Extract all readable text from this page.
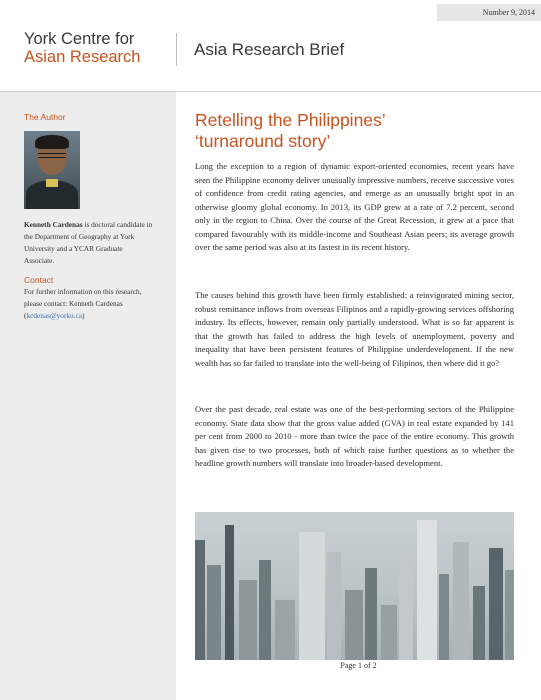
Number 9, 2014
York Centre for
Asian Research	Asia Research Brief
The Author
Kenneth Cardenas is doctoral candidate in the Department of Geography at York University and a YCAR Graduate Associate.
Contact
For further information on this research, please contact: Kenneth Cardenas (kcdenas@yorku.ca)
Retelling the Philippines’
‘turnaround story’
Long the exception to a region of dynamic export-oriented economies, recent years have seen the Philippine economy deliver unusually impressive numbers, receive successive votes of confidence from credit rating agencies, and emerge as an unusually bright spot in an otherwise gloomy global economy. In 2013, its GDP grew at a rate of 7.2 percent, second only in the region to China. Over the course of the Great Recession, it grew at a pace that compared favourably with its middle-income and Southeast Asian peers; its average growth over the same period was also at its fastest in its recent history.
The causes behind this growth have been firmly established: a reinvigorated mining sector, robust remittance inflows from overseas Filipinos and a rapidly-growing services offshoring industry. Its effects, however, remain only partially understood. What is so far apparent is that the growth has failed to address the high levels of unemployment, poverty and inequality that have been persistent features of Philippine underdevelopment. If the new wealth has so far failed to translate into the well-being of Filipinos, then where did it go?
Over the past decade, real estate was one of the best-performing sectors of the Philippine economy. State data show that the gross value added (GVA) in real estate expanded by 141 per cent from 2000 to 2010 - more than twice the pace of the entire economy. This growth has given rise to two processes, both of which raise further questions as to whether the headline growth numbers will translate into broader-based development.
Page 1 of 2
